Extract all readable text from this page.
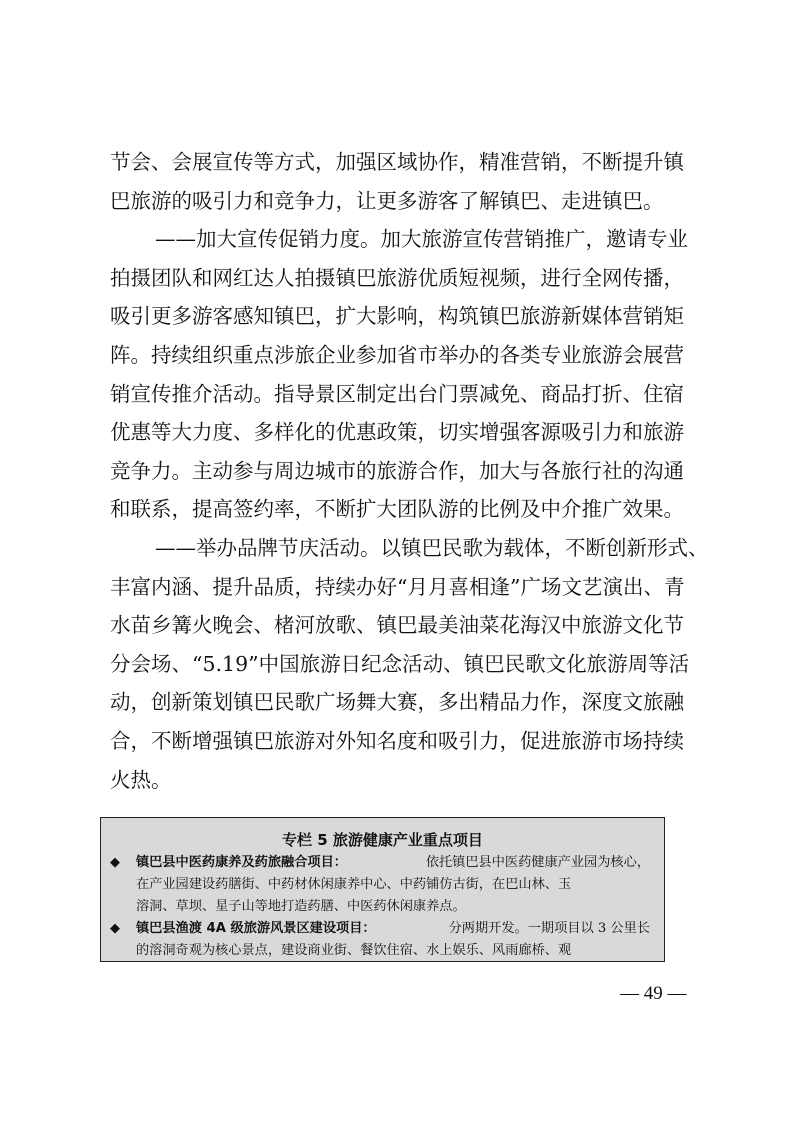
节会、会展宣传等方式，加强区域协作，精准营销，不断提升镇
巴旅游的吸引力和竞争力，让更多游客了解镇巴、走进镇巴。
——加大宣传促销力度。加大旅游宣传营销推广，邀请专业
拍摄团队和网红达人拍摄镇巴旅游优质短视频，进行全网传播，
吸引更多游客感知镇巴，扩大影响，构筑镇巴旅游新媒体营销矩
阵。持续组织重点涉旅企业参加省市举办的各类专业旅游会展营
销宣传推介活动。指导景区制定出台门票减免、商品打折、住宿
优惠等大力度、多样化的优惠政策，切实增强客源吸引力和旅游
竞争力。主动参与周边城市的旅游合作，加大与各旅行社的沟通
和联系，提高签约率，不断扩大团队游的比例及中介推广效果。
——举办品牌节庆活动。以镇巴民歌为载体，不断创新形式、
丰富内涵、提升品质，持续办好“月月喜相逢”广场文艺演出、青
水苗乡篝火晚会、楮河放歌、镇巴最美油菜花海汉中旅游文化节
分会场、“5.19”中国旅游日纪念活动、镇巴民歌文化旅游周等活
动，创新策划镇巴民歌广场舞大赛，多出精品力作，深度文旅融
合，不断增强镇巴旅游对外知名度和吸引力，促进旅游市场持续
火热。
专栏 5 旅游健康产业重点项目
◆ 镇巴县中医药康养及药旅融合项目：	依托镇巴县中医药健康产业园为核心，
在产业园建设药膳街、中药材休闲康养中心、中药铺仿古街，在巴山林、玉
溶洞、草坝、星子山等地打造药膳、中医药休闲康养点。
◆ 镇巴县渔渡 4A 级旅游风景区建设项目：	分两期开发。一期项目以 3 公里长
的溶洞奇观为核心景点，建设商业街、餐饮住宿、水上娱乐、风雨廊桥、观
— 49 —
